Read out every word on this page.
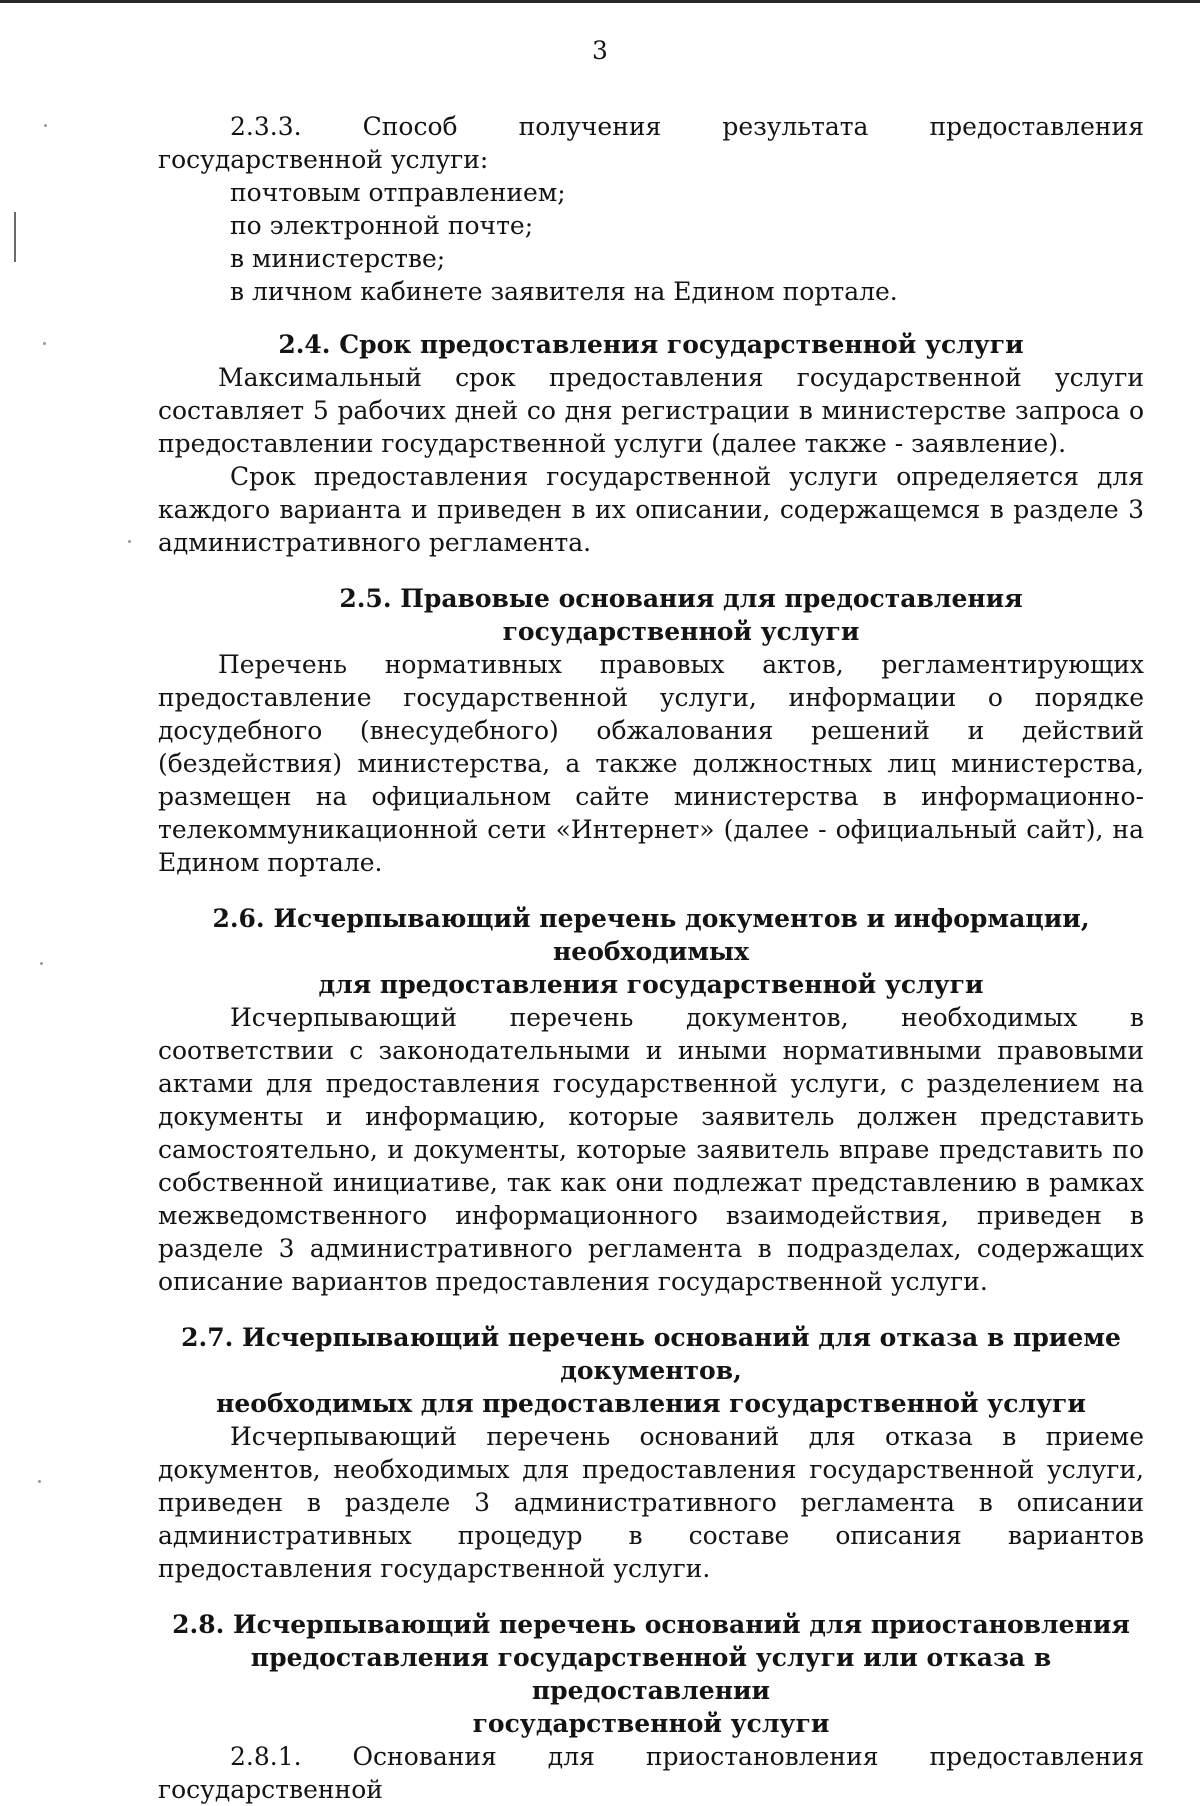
3

2.3.3. Способ получения результата предоставления государственной услуги:

почтовым отправлением;

по электронной почте;

в министерстве;

в личном кабинете заявителя на Едином портале.

2.4. Срок предоставления государственной услуги

Максимальный срок предоставления государственной услуги составляет 5 рабочих дней со дня регистрации в министерстве запроса о предоставлении государственной услуги (далее также - заявление).

Срок предоставления государственной услуги определяется для каждого варианта и приведен в их описании, содержащемся в разделе 3 административного регламента.

2.5. Правовые основания для предоставления государственной услуги

Перечень нормативных правовых актов, регламентирующих предоставление государственной услуги, информации о порядке досудебного (внесудебного) обжалования решений и действий (бездействия) министерства, а также должностных лиц министерства, размещен на официальном сайте министерства в информационно-телекоммуникационной сети «Интернет» (далее - официальный сайт), на Едином портале.

2.6. Исчерпывающий перечень документов и информации, необходимых

для предоставления государственной услуги

Исчерпывающий перечень документов, необходимых в соответствии с законодательными и иными нормативными правовыми актами для предоставления государственной услуги, с разделением на документы и информацию, которые заявитель должен представить самостоятельно, и документы, которые заявитель вправе представить по собственной инициативе, так как они подлежат представлению в рамках межведомственного информационного взаимодействия, приведен в разделе 3 административного регламента в подразделах, содержащих описание вариантов предоставления государственной услуги.

2.7. Исчерпывающий перечень оснований для отказа в приеме документов,

необходимых для предоставления государственной услуги

Исчерпывающий перечень оснований для отказа в приеме документов, необходимых для предоставления государственной услуги, приведен в разделе 3 административного регламента в описании административных процедур в составе описания вариантов предоставления государственной услуги.

2.8. Исчерпывающий перечень оснований для приостановления

предоставления государственной услуги или отказа в предоставлении

государственной услуги

2.8.1. Основания для приостановления предоставления государственной
